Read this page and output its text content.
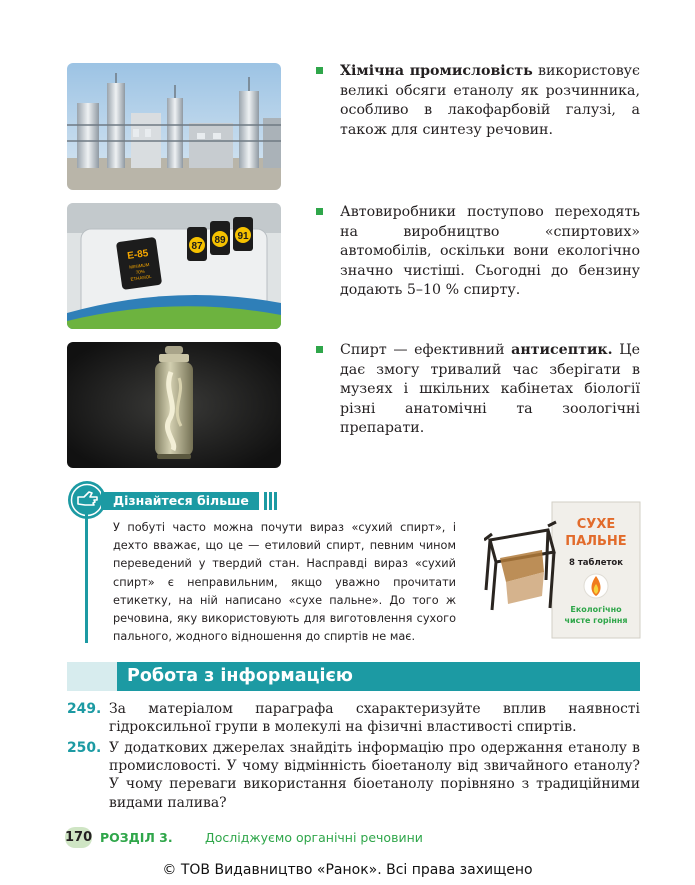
E-85
MINIMUM
70%
ETHANOL
87
89 91
Хімічна промисловість використовує великі обсяги етанолу як розчинника, особливо в лакофарбовій галузі, а також для синтезу речовин.
Автовиробники поступово переходять на виробництво «спиртових» автомобілів, оскільки вони екологічно значно чистіші. Сьогодні до бензину додають 5–10 % спирту.
Спирт — ефективний антисептик. Це дає змогу тривалий час зберігати в музеях і шкільних кабінетах біології різні анатомічні та зоологічні препарати.
Дізнайтеся більше
У побуті часто можна почути вираз «сухий спирт», і дехто вважає, що це — етиловий спирт, певним чином переведений у твердий стан. Насправді вираз «сухий спирт» є неправильним, якщо уважно прочитати етикетку, на ній написано «сухе пальне». До того ж речовина, яку використовують для виготовлення сухого пального, жодного відношення до спиртів не має.
СУХЕ
ПАЛЬНЕ
8 таблеток
Екологічно
чисте горіння
Робота з інформацією
249. За матеріалом параграфа схарактеризуйте вплив наявності гідроксильної групи в молекулі на фізичні властивості спиртів.
250. У додаткових джерелах знайдіть інформацію про одержання етанолу в промисловості. У чому відмінність біоетанолу від звичайного етанолу? У чому переваги використання біоетанолу порівняно з традиційними видами палива?
170 РОЗДІЛ 3.	Досліджуємо органічні речовини
© ТОВ Видавництво «Ранок». Всі права захищено
